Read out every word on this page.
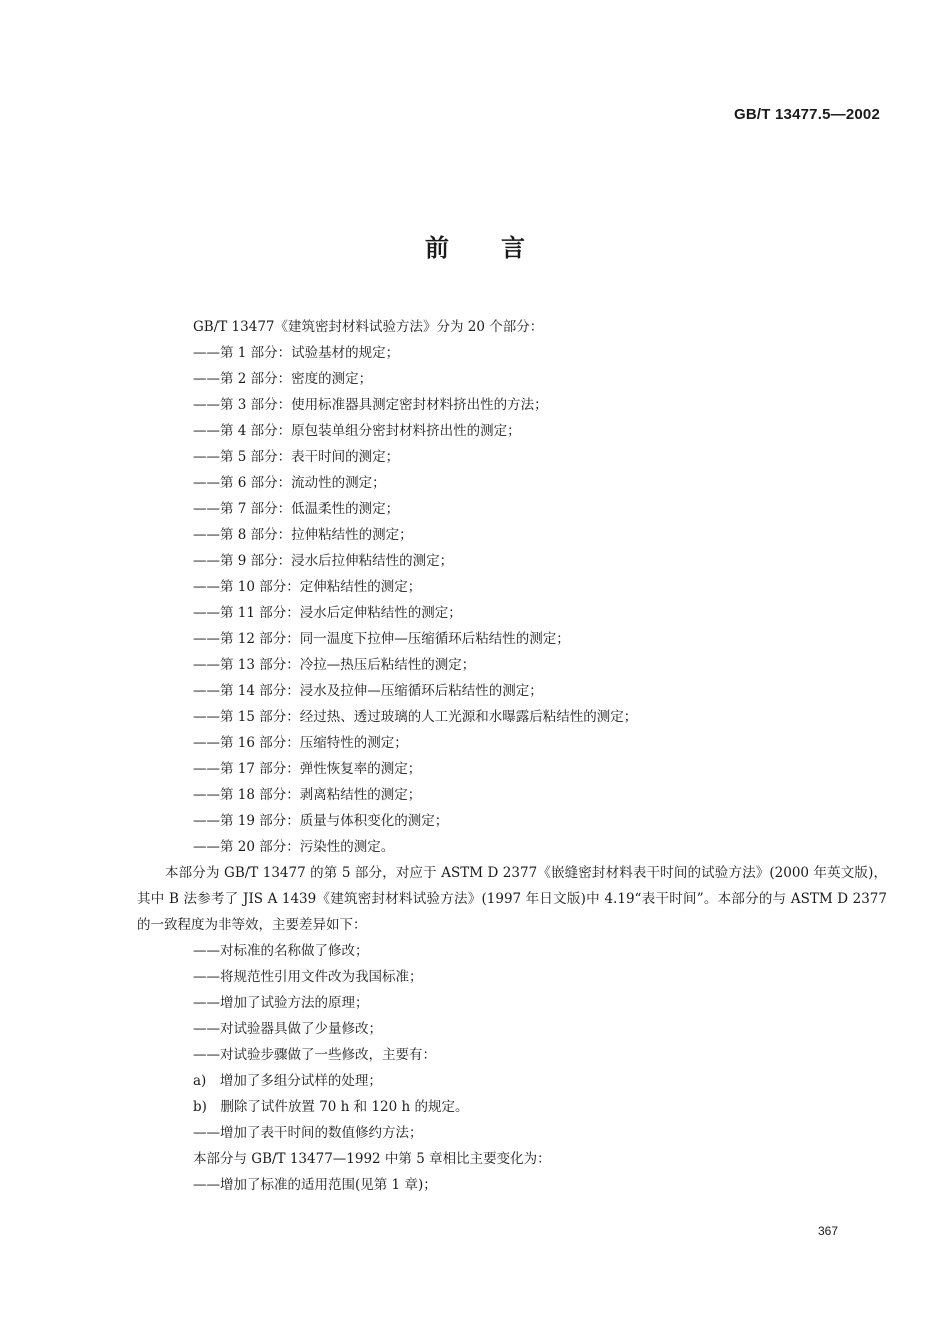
GB/T 13477.5—2002
前言
GB/T 13477《建筑密封材料试验方法》分为 20 个部分：
——第 1 部分：试验基材的规定；
——第 2 部分：密度的测定；
——第 3 部分：使用标准器具测定密封材料挤出性的方法；
——第 4 部分：原包装单组分密封材料挤出性的测定；
——第 5 部分：表干时间的测定；
——第 6 部分：流动性的测定；
——第 7 部分：低温柔性的测定；
——第 8 部分：拉伸粘结性的测定；
——第 9 部分：浸水后拉伸粘结性的测定；
——第 10 部分：定伸粘结性的测定；
——第 11 部分：浸水后定伸粘结性的测定；
——第 12 部分：同一温度下拉伸—压缩循环后粘结性的测定；
——第 13 部分：冷拉—热压后粘结性的测定；
——第 14 部分：浸水及拉伸—压缩循环后粘结性的测定；
——第 15 部分：经过热、透过玻璃的人工光源和水曝露后粘结性的测定；
——第 16 部分：压缩特性的测定；
——第 17 部分：弹性恢复率的测定；
——第 18 部分：剥离粘结性的测定；
——第 19 部分：质量与体积变化的测定；
——第 20 部分：污染性的测定。
本部分为 GB/T 13477 的第 5 部分，对应于 ASTM D 2377《嵌缝密封材料表干时间的试验方法》(2000 年英文版)，其中 B 法参考了 JIS A 1439《建筑密封材料试验方法》(1997 年日文版)中 4.19“表干时间”。本部分的与 ASTM D 2377 的一致程度为非等效，主要差异如下：
——对标准的名称做了修改；
——将规范性引用文件改为我国标准；
——增加了试验方法的原理；
——对试验器具做了少量修改；
——对试验步骤做了一些修改，主要有：
a)　增加了多组分试样的处理；
b)　删除了试件放置 70 h 和 120 h 的规定。
——增加了表干时间的数值修约方法；
本部分与 GB/T 13477—1992 中第 5 章相比主要变化为：
——增加了标准的适用范围(见第 1 章)；
367
